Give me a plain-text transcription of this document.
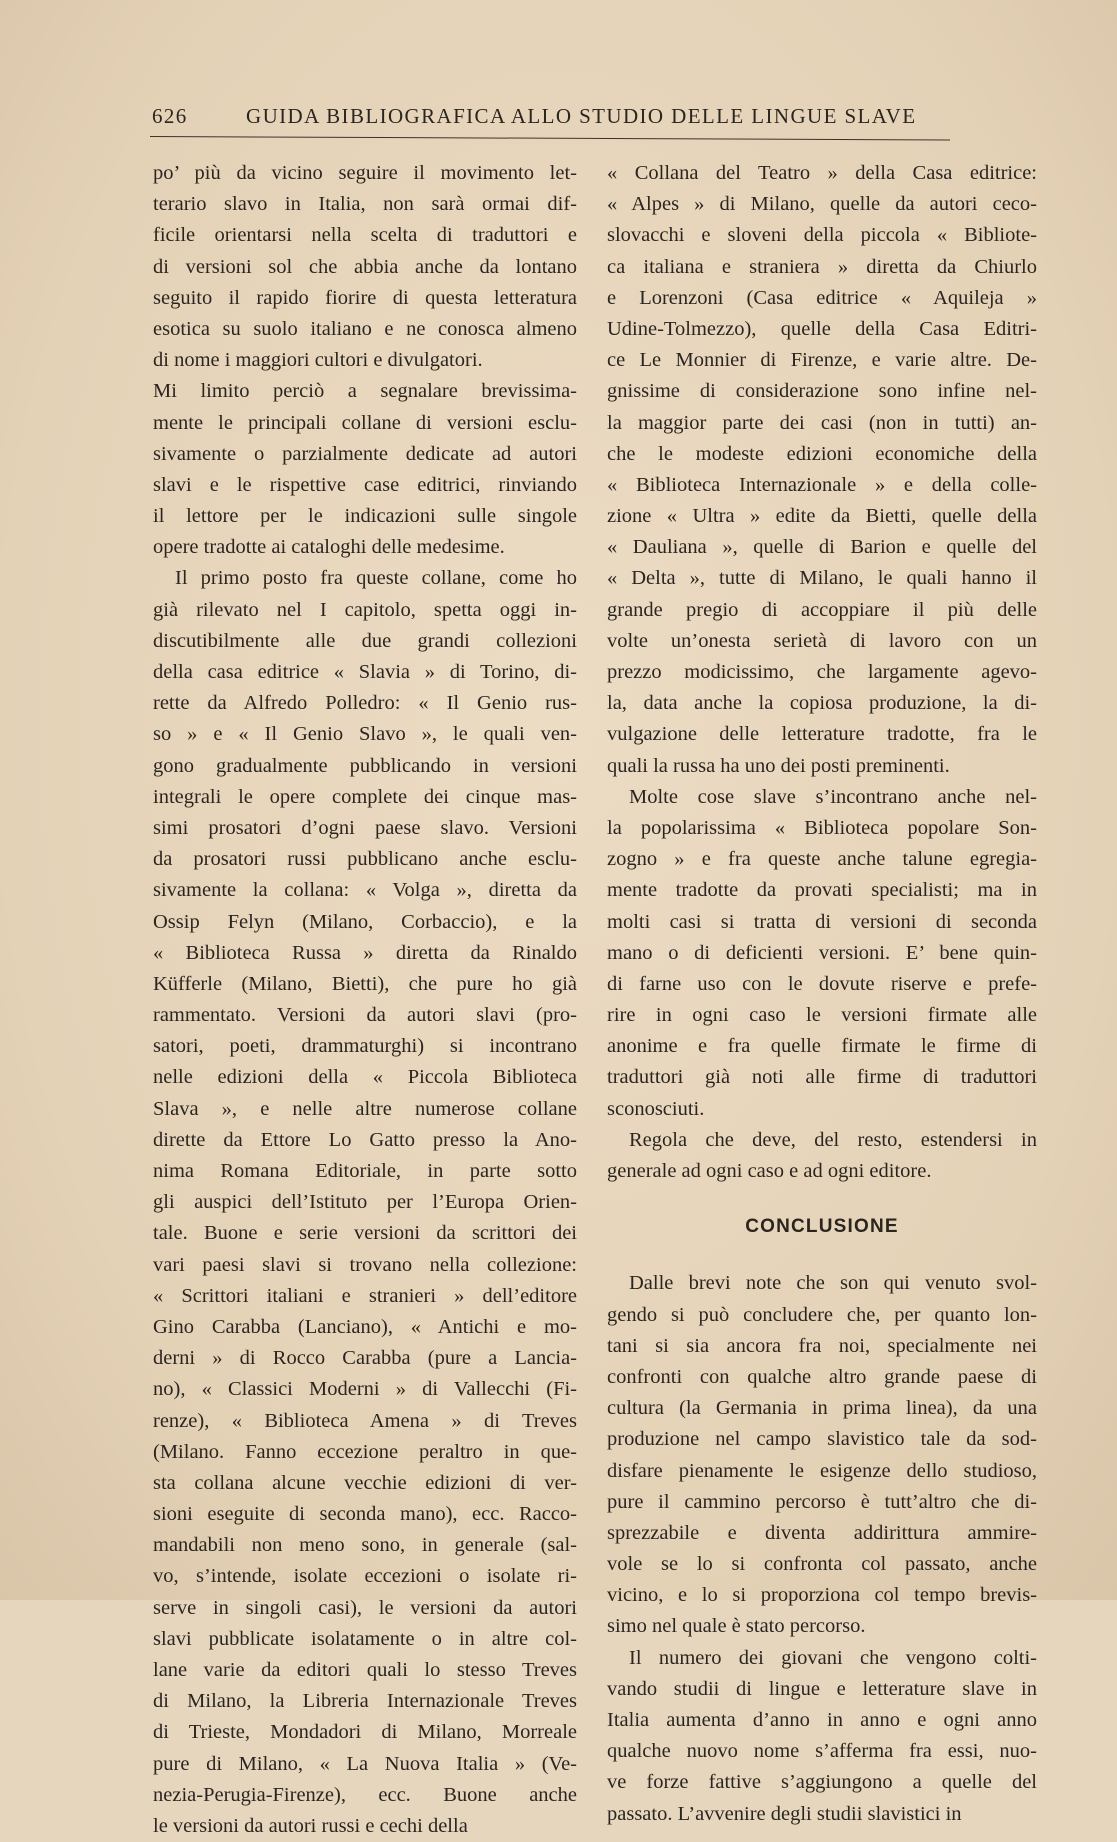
626	GUIDA BIBLIOGRAFICA ALLO STUDIO DELLE LINGUE SLAVE
po’ più da vicino seguire il movimento let-
terario slavo in Italia, non sarà ormai dif-
ficile orientarsi nella scelta di traduttori e
di versioni sol che abbia anche da lontano
seguito il rapido fiorire di questa letteratura
esotica su suolo italiano e ne conosca almeno
di nome i maggiori cultori e divulgatori.
Mi limito perciò a segnalare brevissima-
mente le principali collane di versioni esclu-
sivamente o parzialmente dedicate ad autori
slavi e le rispettive case editrici, rinviando
il lettore per le indicazioni sulle singole
opere tradotte ai cataloghi delle medesime.
Il primo posto fra queste collane, come ho
già rilevato nel I capitolo, spetta oggi in-
discutibilmente alle due grandi collezioni
della casa editrice « Slavia » di Torino, di-
rette da Alfredo Polledro: « Il Genio rus-
so » e « Il Genio Slavo », le quali ven-
gono gradualmente pubblicando in versioni
integrali le opere complete dei cinque mas-
simi prosatori d’ogni paese slavo. Versioni
da prosatori russi pubblicano anche esclu-
sivamente la collana: « Volga », diretta da
Ossip Felyn (Milano, Corbaccio), e la
« Biblioteca Russa » diretta da Rinaldo
Küfferle (Milano, Bietti), che pure ho già
rammentato. Versioni da autori slavi (pro-
satori, poeti, drammaturghi) si incontrano
nelle edizioni della « Piccola Biblioteca
Slava », e nelle altre numerose collane
dirette da Ettore Lo Gatto presso la Ano-
nima Romana Editoriale, in parte sotto
gli auspici dell’Istituto per l’Europa Orien-
tale. Buone e serie versioni da scrittori dei
vari paesi slavi si trovano nella collezione:
« Scrittori italiani e stranieri » dell’editore
Gino Carabba (Lanciano), « Antichi e mo-
derni » di Rocco Carabba (pure a Lancia-
no), « Classici Moderni » di Vallecchi (Fi-
renze), « Biblioteca Amena » di Treves
(Milano. Fanno eccezione peraltro in que-
sta collana alcune vecchie edizioni di ver-
sioni eseguite di seconda mano), ecc. Racco-
mandabili non meno sono, in generale (sal-
vo, s’intende, isolate eccezioni o isolate ri-
serve in singoli casi), le versioni da autori
slavi pubblicate isolatamente o in altre col-
lane varie da editori quali lo stesso Treves
di Milano, la Libreria Internazionale Treves
di Trieste, Mondadori di Milano, Morreale
pure di Milano, « La Nuova Italia » (Ve-
nezia-Perugia-Firenze), ecc. Buone anche
le versioni da autori russi e cechi della
« Collana del Teatro » della Casa editrice:
« Alpes » di Milano, quelle da autori ceco-
slovacchi e sloveni della piccola « Bibliote-
ca italiana e straniera » diretta da Chiurlo
e Lorenzoni (Casa editrice « Aquileja »
Udine-Tolmezzo), quelle della Casa Editri-
ce Le Monnier di Firenze, e varie altre. De-
gnissime di considerazione sono infine nel-
la maggior parte dei casi (non in tutti) an-
che le modeste edizioni economiche della
« Biblioteca Internazionale » e della colle-
zione « Ultra » edite da Bietti, quelle della
« Dauliana », quelle di Barion e quelle del
« Delta », tutte di Milano, le quali hanno il
grande pregio di accoppiare il più delle
volte un’onesta serietà di lavoro con un
prezzo modicissimo, che largamente agevo-
la, data anche la copiosa produzione, la di-
vulgazione delle letterature tradotte, fra le
quali la russa ha uno dei posti preminenti.
Molte cose slave s’incontrano anche nel-
la popolarissima « Biblioteca popolare Son-
zogno » e fra queste anche talune egregia-
mente tradotte da provati specialisti; ma in
molti casi si tratta di versioni di seconda
mano o di deficienti versioni. E’ bene quin-
di farne uso con le dovute riserve e prefe-
rire in ogni caso le versioni firmate alle
anonime e fra quelle firmate le firme di
traduttori già noti alle firme di traduttori
sconosciuti.
Regola che deve, del resto, estendersi in
generale ad ogni caso e ad ogni editore.
CONCLUSIONE
Dalle brevi note che son qui venuto svol-
gendo si può concludere che, per quanto lon-
tani si sia ancora fra noi, specialmente nei
confronti con qualche altro grande paese di
cultura (la Germania in prima linea), da una
produzione nel campo slavistico tale da sod-
disfare pienamente le esigenze dello studioso,
pure il cammino percorso è tutt’altro che di-
sprezzabile e diventa addirittura ammire-
vole se lo si confronta col passato, anche
vicino, e lo si proporziona col tempo brevis-
simo nel quale è stato percorso.
Il numero dei giovani che vengono colti-
vando studii di lingue e letterature slave in
Italia aumenta d’anno in anno e ogni anno
qualche nuovo nome s’afferma fra essi, nuo-
ve forze fattive s’aggiungono a quelle del
passato. L’avvenire degli studii slavistici in
